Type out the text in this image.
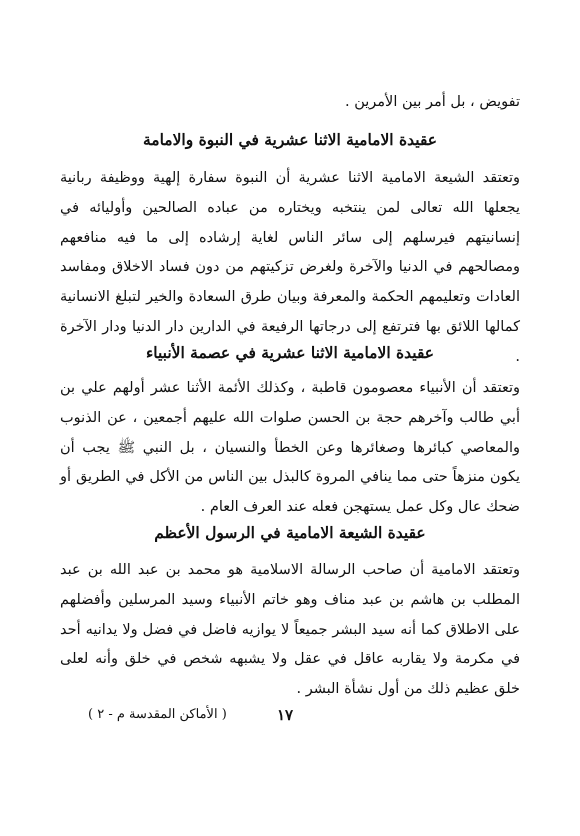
تفويض ، بل أمر بين الأمرين .
عقيدة الامامية الاثنا عشرية في النبوة والامامة
وتعتقد الشيعة الامامية الاثنا عشرية أن النبوة سفارة إلهية ووظيفة ربانية يجعلها الله تعالى لمن ينتخبه ويختاره من عباده الصالحين وأوليائه في إنسانيتهم فيرسلهم إلى سائر الناس لغاية إرشاده إلى ما فيه منافعهم ومصالحهم في الدنيا والآخرة ولغرض تزكيتهم من دون فساد الاخلاق ومفاسد العادات وتعليمهم الحكمة والمعرفة وبيان طرق السعادة والخير لتبلغ الانسانية كمالها اللائق بها فترتفع إلى درجاتها الرفيعة في الدارين دار الدنيا ودار الآخرة .
عقيدة الامامية الاثنا عشرية في عصمة الأنبياء
وتعتقد أن الأنبياء معصومون قاطبة ، وكذلك الأئمة الأثنا عشر أولهم علي بن أبي طالب وآخرهم حجة بن الحسن صلوات الله عليهم أجمعين ، عن الذنوب والمعاصي كبائرها وصغائرها وعن الخطأ والنسيان ، بل النبي ﷺ يجب أن يكون منزهاً حتى مما ينافي المروة كالبذل بين الناس من الأكل في الطريق أو ضحك عال وكل عمل يستهجن فعله عند العرف العام .
عقيدة الشيعة الامامية في الرسول الأعظم
وتعتقد الامامية أن صاحب الرسالة الاسلامية هو محمد بن عبد الله بن عبد المطلب بن هاشم بن عبد مناف وهو خاتم الأنبياء وسيد المرسلين وأفضلهم على الاطلاق كما أنه سيد البشر جميعاً لا يوازيه فاضل في فضل ولا يدانيه أحد في مكرمة ولا يقاربه عاقل في عقل ولا يشبهه شخص في خلق وأنه لعلى خلق عظيم ذلك من أول نشأة البشر .
١٧
( الأماكن المقدسة م - ٢ )
